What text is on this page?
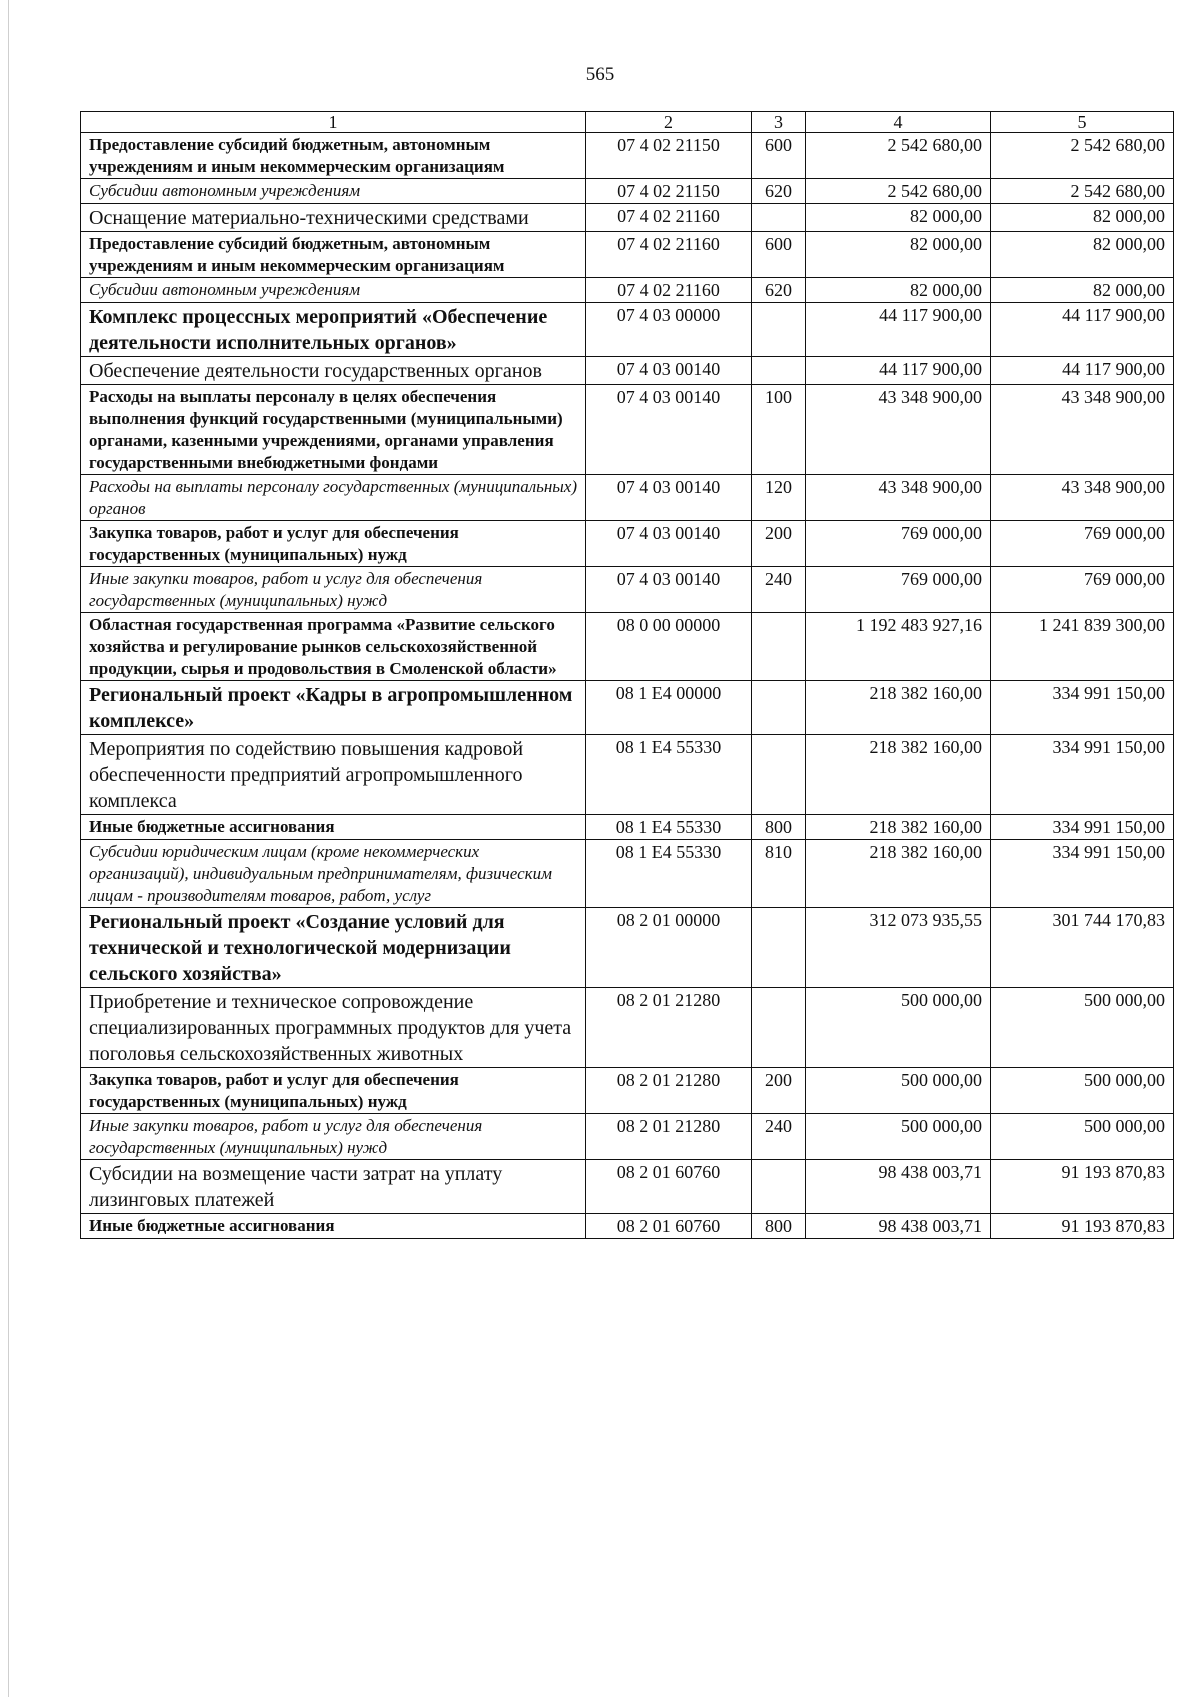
565
1	2	3	4	5
Предоставление субсидий бюджетным, автономным учреждениям и иным некоммерческим организациям	07 4 02 21150	600	2 542 680,00	2 542 680,00
Субсидии автономным учреждениям	07 4 02 21150	620	2 542 680,00	2 542 680,00
Оснащение материально-техническими средствами	07 4 02 21160		82 000,00	82 000,00
Предоставление субсидий бюджетным, автономным учреждениям и иным некоммерческим организациям	07 4 02 21160	600	82 000,00	82 000,00
Субсидии автономным учреждениям	07 4 02 21160	620	82 000,00	82 000,00
Комплекс процессных мероприятий «Обеспечение деятельности исполнительных органов»	07 4 03 00000		44 117 900,00	44 117 900,00
Обеспечение деятельности государственных органов	07 4 03 00140		44 117 900,00	44 117 900,00
Расходы на выплаты персоналу в целях обеспечения выполнения функций государственными (муниципальными) органами, казенными учреждениями, органами управления государственными внебюджетными фондами	07 4 03 00140	100	43 348 900,00	43 348 900,00
Расходы на выплаты персоналу государственных (муниципальных) органов	07 4 03 00140	120	43 348 900,00	43 348 900,00
Закупка товаров, работ и услуг для обеспечения государственных (муниципальных) нужд	07 4 03 00140	200	769 000,00	769 000,00
Иные закупки товаров, работ и услуг для обеспечения государственных (муниципальных) нужд	07 4 03 00140	240	769 000,00	769 000,00
Областная государственная программа «Развитие сельского хозяйства и регулирование рынков сельскохозяйственной продукции, сырья и продовольствия в Смоленской области»	08 0 00 00000		1 192 483 927,16	1 241 839 300,00
Региональный проект «Кадры в агропромышленном комплексе»	08 1 Е4 00000		218 382 160,00	334 991 150,00
Мероприятия по содействию повышения кадровой обеспеченности предприятий агропромышленного комплекса	08 1 Е4 55330		218 382 160,00	334 991 150,00
Иные бюджетные ассигнования	08 1 Е4 55330	800	218 382 160,00	334 991 150,00
Субсидии юридическим лицам (кроме некоммерческих организаций), индивидуальным предпринимателям, физическим лицам - производителям товаров, работ, услуг	08 1 Е4 55330	810	218 382 160,00	334 991 150,00
Региональный проект «Создание условий для технической и технологической модернизации сельского хозяйства»	08 2 01 00000		312 073 935,55	301 744 170,83
Приобретение и техническое сопровождение специализированных программных продуктов для учета поголовья сельскохозяйственных животных	08 2 01 21280		500 000,00	500 000,00
Закупка товаров, работ и услуг для обеспечения государственных (муниципальных) нужд	08 2 01 21280	200	500 000,00	500 000,00
Иные закупки товаров, работ и услуг для обеспечения государственных (муниципальных) нужд	08 2 01 21280	240	500 000,00	500 000,00
Субсидии на возмещение части затрат на уплату лизинговых платежей	08 2 01 60760		98 438 003,71	91 193 870,83
Иные бюджетные ассигнования	08 2 01 60760	800	98 438 003,71	91 193 870,83
